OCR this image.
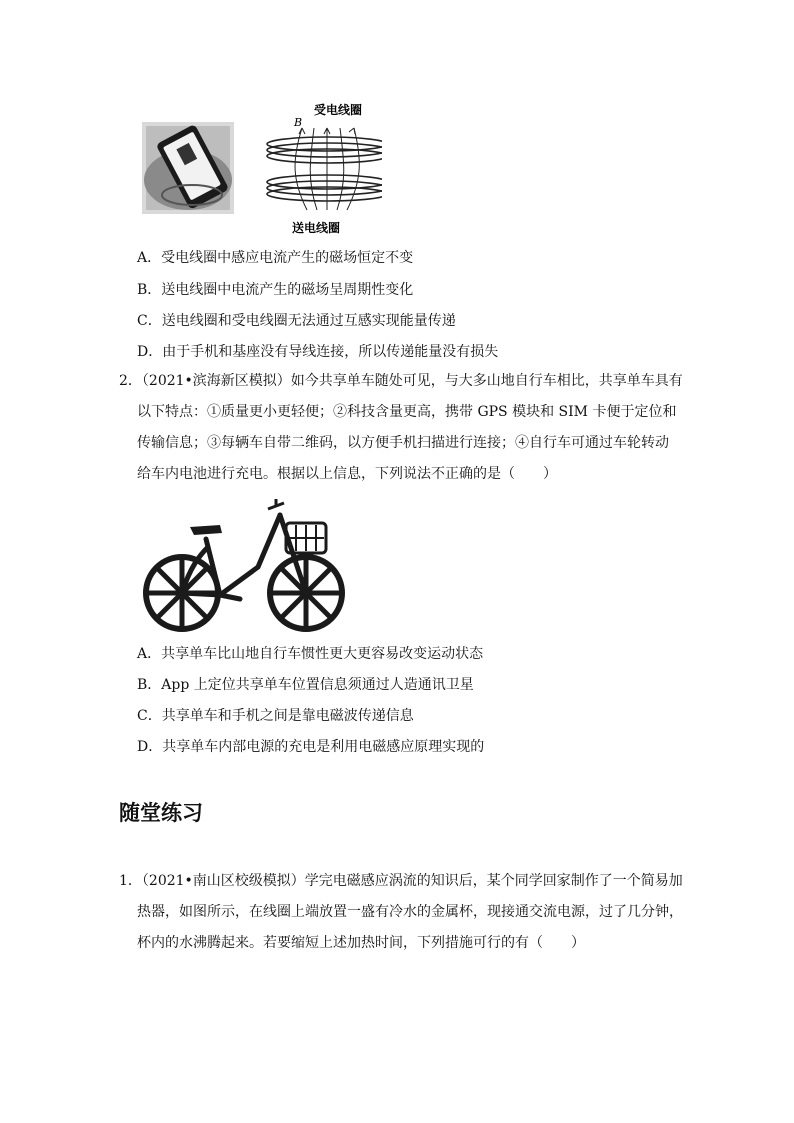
受电线圈
B
送电线圈
A．受电线圈中感应电流产生的磁场恒定不变
B．送电线圈中电流产生的磁场呈周期性变化
C．送电线圈和受电线圈无法通过互感实现能量传递
D．由于手机和基座没有导线连接，所以传递能量没有损失
2．（2021•滨海新区模拟）如今共享单车随处可见，与大多山地自行车相比，共享单车具有
以下特点：①质量更小更轻便；②科技含量更高，携带 GPS 模块和 SIM 卡便于定位和
传输信息；③每辆车自带二维码，以方便手机扫描进行连接；④自行车可通过车轮转动
给车内电池进行充电。根据以上信息，下列说法不正确的是（　　）
A．共享单车比山地自行车惯性更大更容易改变运动状态
B．App 上定位共享单车位置信息须通过人造通讯卫星
C．共享单车和手机之间是靠电磁波传递信息
D．共享单车内部电源的充电是利用电磁感应原理实现的
随堂练习
1．（2021•南山区校级模拟）学完电磁感应涡流的知识后，某个同学回家制作了一个简易加
热器，如图所示，在线圈上端放置一盛有冷水的金属杯，现接通交流电源，过了几分钟，
杯内的水沸腾起来。若要缩短上述加热时间，下列措施可行的有（　　）
